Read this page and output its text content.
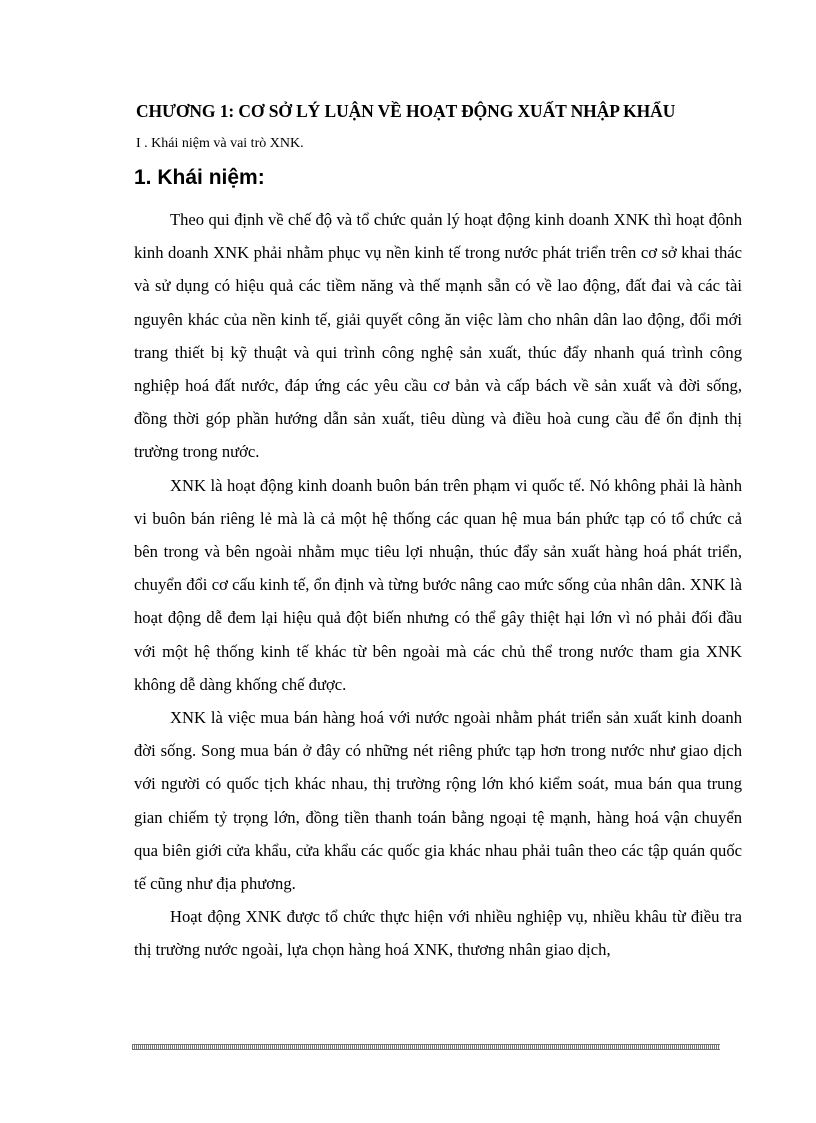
CHƯƠNG 1: CƠ SỞ LÝ LUẬN VỀ HOẠT ĐỘNG XUẤT NHẬP KHẨU
I . Khái niệm và vai trò XNK.
1. Khái niệm:

Theo qui định về chế độ và tổ chức quản lý hoạt động kinh doanh XNK thì hoạt đ̣ônh kinh doanh XNK phải nhằm phục vụ nền kinh tế trong nước phát triển trên cơ sở khai thác và sử dụng có hiệu quả các tiềm năng và thế mạnh sẵn có về lao động, đất đai và các tài nguyên khác của nền kinh tế, giải quyết công ăn việc làm cho nhân dân lao động, đổi mới trang thiết bị kỹ thuật và qui trình công nghệ sản xuất, thúc đẩy nhanh quá trình công nghiệp hoá đất nước, đáp ứng các yêu cầu cơ bản và cấp bách về sản xuất và đời sống, đồng thời góp phần hướng dẫn sản xuất, tiêu dùng và điều hoà cung cầu để ổn định thị trường trong nước.

XNK là hoạt động kinh doanh buôn bán trên phạm vi quốc tế. Nó không phải là hành vi buôn bán riêng lẻ mà là cả một hệ thống các quan hệ mua bán phức tạp có tổ chức cả bên trong và bên ngoài nhằm mục tiêu lợi nhuận, thúc đẩy sản xuất hàng hoá phát triển, chuyển đổi cơ cấu kinh tế, ổn định và từng bước nâng cao mức sống của nhân dân. XNK là hoạt động dễ đem lại hiệu quả đột biến nhưng có thể gây thiệt hại lớn vì nó phải đối đầu với một hệ thống kinh tế khác từ bên ngoài mà các chủ thể trong nước tham gia XNK không dễ dàng khống chế được.

XNK là việc mua bán hàng hoá với nước ngoài nhằm phát triển sản xuất kinh doanh đời sống. Song mua bán ở đây có những nét riêng phức tạp hơn trong nước như giao dịch với người có quốc tịch khác nhau, thị trường rộng lớn khó kiểm soát, mua bán qua trung gian chiếm tỷ trọng lớn, đồng tiền thanh toán bằng ngoại tệ mạnh, hàng hoá vận chuyển qua biên giới cửa khẩu, cửa khẩu các quốc gia khác nhau phải tuân theo các tập quán quốc tế cũng như địa phương.

Hoạt động XNK được tổ chức thực hiện với nhiều nghiệp vụ, nhiều khâu từ điều tra thị trường nước ngoài, lựa chọn hàng hoá XNK, thương nhân giao dịch,
